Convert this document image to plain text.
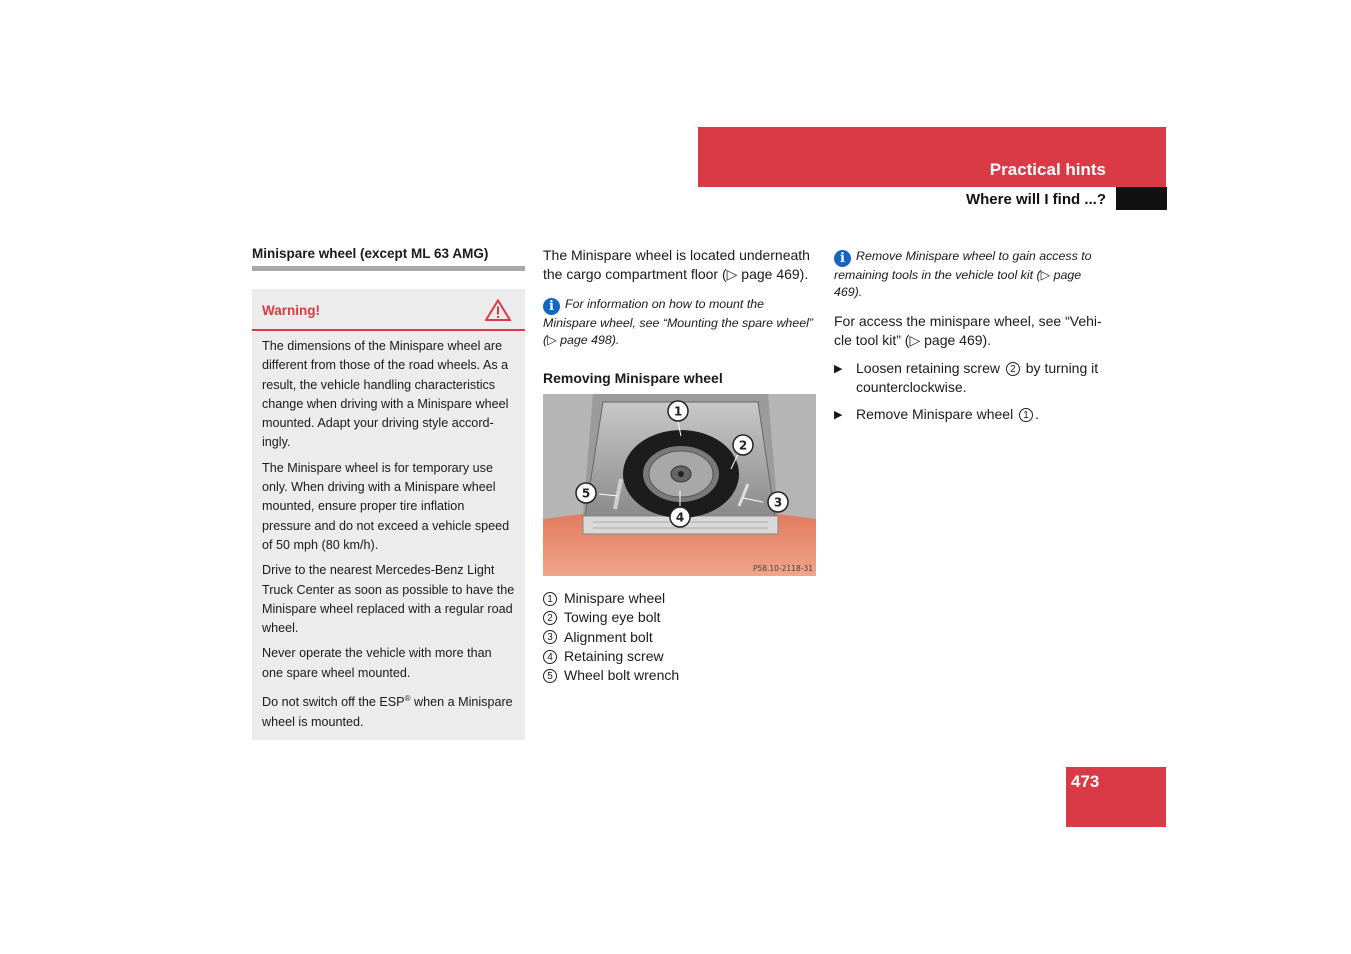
Practical hints
Where will I find ...?
Minispare wheel (except ML 63 AMG)
Warning!

The dimensions of the Minispare wheel are different from those of the road wheels. As a result, the vehicle handling characteristics change when driving with a Minispare wheel mounted. Adapt your driving style accord-ingly.

The Minispare wheel is for temporary use only. When driving with a Minispare wheel mounted, ensure proper tire inflation pressure and do not exceed a vehicle speed of 50 mph (80 km/h).

Drive to the nearest Mercedes-Benz Light Truck Center as soon as possible to have the Minispare wheel replaced with a regular road wheel.

Never operate the vehicle with more than one spare wheel mounted.

Do not switch off the ESP® when a Minispare wheel is mounted.

The Minispare wheel is located underneath the cargo compartment floor (▷ page 469).

i For information on how to mount the Minispare wheel, see “Mounting the spare wheel” (▷ page 498).

Removing Minispare wheel

1
2
3
4
5
P58.10-2118-31
1 Minispare wheel
2 Towing eye bolt
3 Alignment bolt
4 Retaining screw
5 Wheel bolt wrench

i Remove Minispare wheel to gain access to remaining tools in the vehicle tool kit (▷ page 469).

For access the minispare wheel, see “Vehi-cle tool kit” (▷ page 469).

▶ Loosen retaining screw 2 by turning it counterclockwise.
▶ Remove Minispare wheel 1 .
473
